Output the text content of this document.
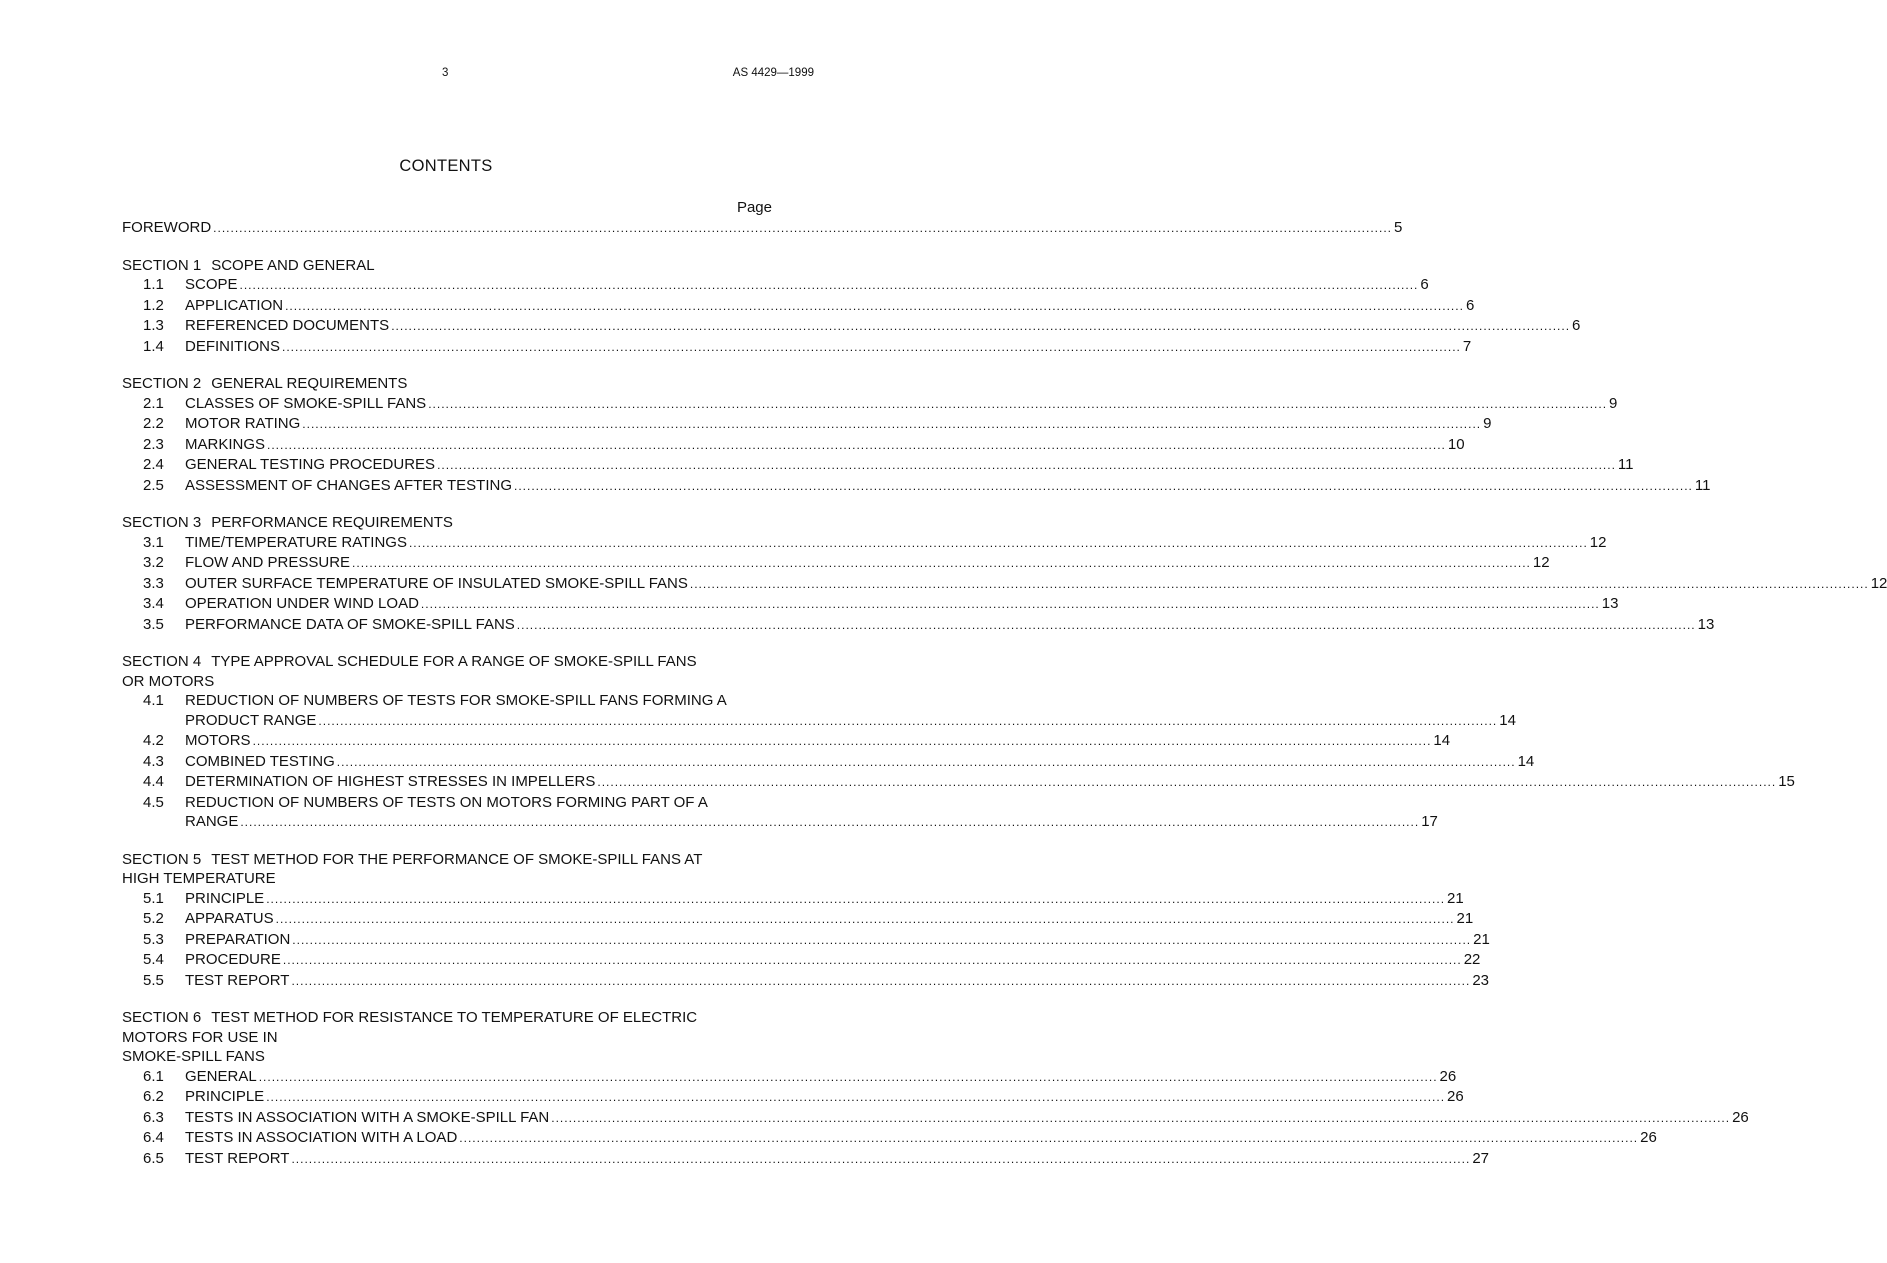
3	AS 4429—1999
CONTENTS
Page
FOREWORD .....	5
SECTION 1 SCOPE AND GENERAL
1.1	SCOPE .....	6
1.2	APPLICATION .....	6
1.3	REFERENCED DOCUMENTS .....	6
1.4	DEFINITIONS .....	7
SECTION 2 GENERAL REQUIREMENTS
2.1	CLASSES OF SMOKE-SPILL FANS .....	9
2.2	MOTOR RATING .....	9
2.3	MARKINGS .....	10
2.4	GENERAL TESTING PROCEDURES .....	11
2.5	ASSESSMENT OF CHANGES AFTER TESTING .....	11
SECTION 3 PERFORMANCE REQUIREMENTS
3.1	TIME/TEMPERATURE RATINGS .....	12
3.2	FLOW AND PRESSURE .....	12
3.3	OUTER SURFACE TEMPERATURE OF INSULATED SMOKE-SPILL FANS .....	12
3.4	OPERATION UNDER WIND LOAD .....	13
3.5	PERFORMANCE DATA OF SMOKE-SPILL FANS .....	13
SECTION 4 TYPE APPROVAL SCHEDULE FOR A RANGE OF SMOKE-SPILL FANS
OR MOTORS
4.1	REDUCTION OF NUMBERS OF TESTS FOR SMOKE-SPILL FANS FORMING A
PRODUCT RANGE .....	14
4.2	MOTORS .....	14
4.3	COMBINED TESTING .....	14
4.4	DETERMINATION OF HIGHEST STRESSES IN IMPELLERS .....	15
4.5	REDUCTION OF NUMBERS OF TESTS ON MOTORS FORMING PART OF A
RANGE .....	17
SECTION 5 TEST METHOD FOR THE PERFORMANCE OF SMOKE-SPILL FANS AT
HIGH TEMPERATURE
5.1	PRINCIPLE .....	21
5.2	APPARATUS .....	21
5.3	PREPARATION .....	21
5.4	PROCEDURE .....	22
5.5	TEST REPORT .....	23
SECTION 6 TEST METHOD FOR RESISTANCE TO TEMPERATURE OF ELECTRIC
MOTORS FOR USE IN
SMOKE-SPILL FANS
6.1	GENERAL .....	26
6.2	PRINCIPLE .....	26
6.3	TESTS IN ASSOCIATION WITH A SMOKE-SPILL FAN .....	26
6.4	TESTS IN ASSOCIATION WITH A LOAD .....	26
6.5	TEST REPORT .....	27
